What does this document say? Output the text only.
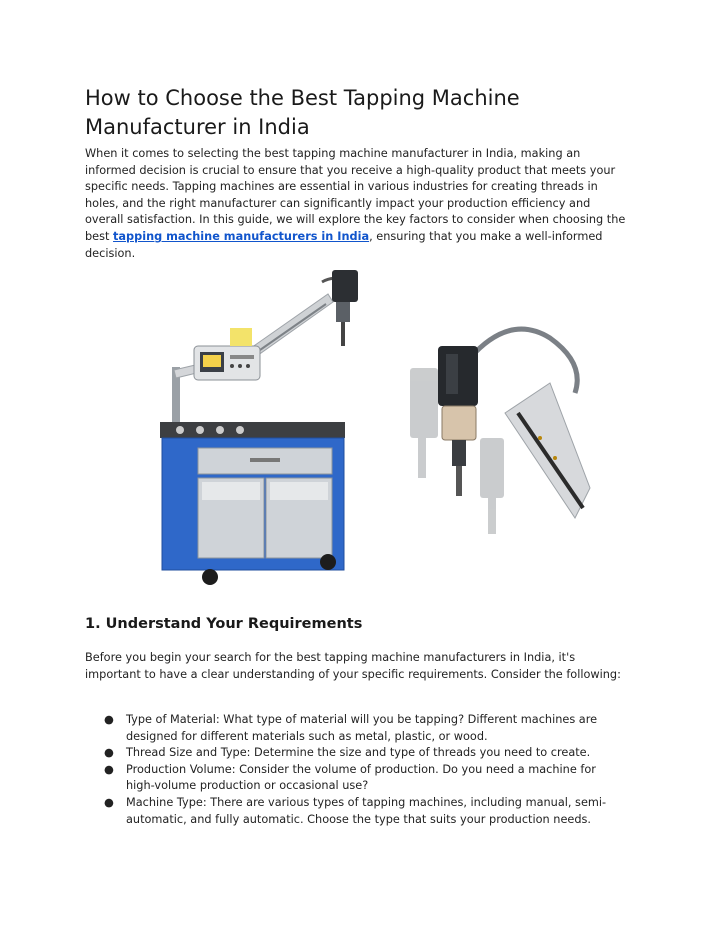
How to Choose the Best Tapping Machine Manufacturer in India

When it comes to selecting the best tapping machine manufacturer in India, making an informed decision is crucial to ensure that you receive a high-quality product that meets your specific needs. Tapping machines are essential in various industries for creating threads in holes, and the right manufacturer can significantly impact your production efficiency and overall satisfaction. In this guide, we will explore the key factors to consider when choosing the best tapping machine manufacturers in India, ensuring that you make a well-informed decision.

1. Understand Your Requirements

Before you begin your search for the best tapping machine manufacturers in India, it's important to have a clear understanding of your specific requirements. Consider the following:

● Type of Material: What type of material will you be tapping? Different machines are designed for different materials such as metal, plastic, or wood.
● Thread Size and Type: Determine the size and type of threads you need to create.
● Production Volume: Consider the volume of production. Do you need a machine for high-volume production or occasional use?
● Machine Type: There are various types of tapping machines, including manual, semi-automatic, and fully automatic. Choose the type that suits your production needs.
